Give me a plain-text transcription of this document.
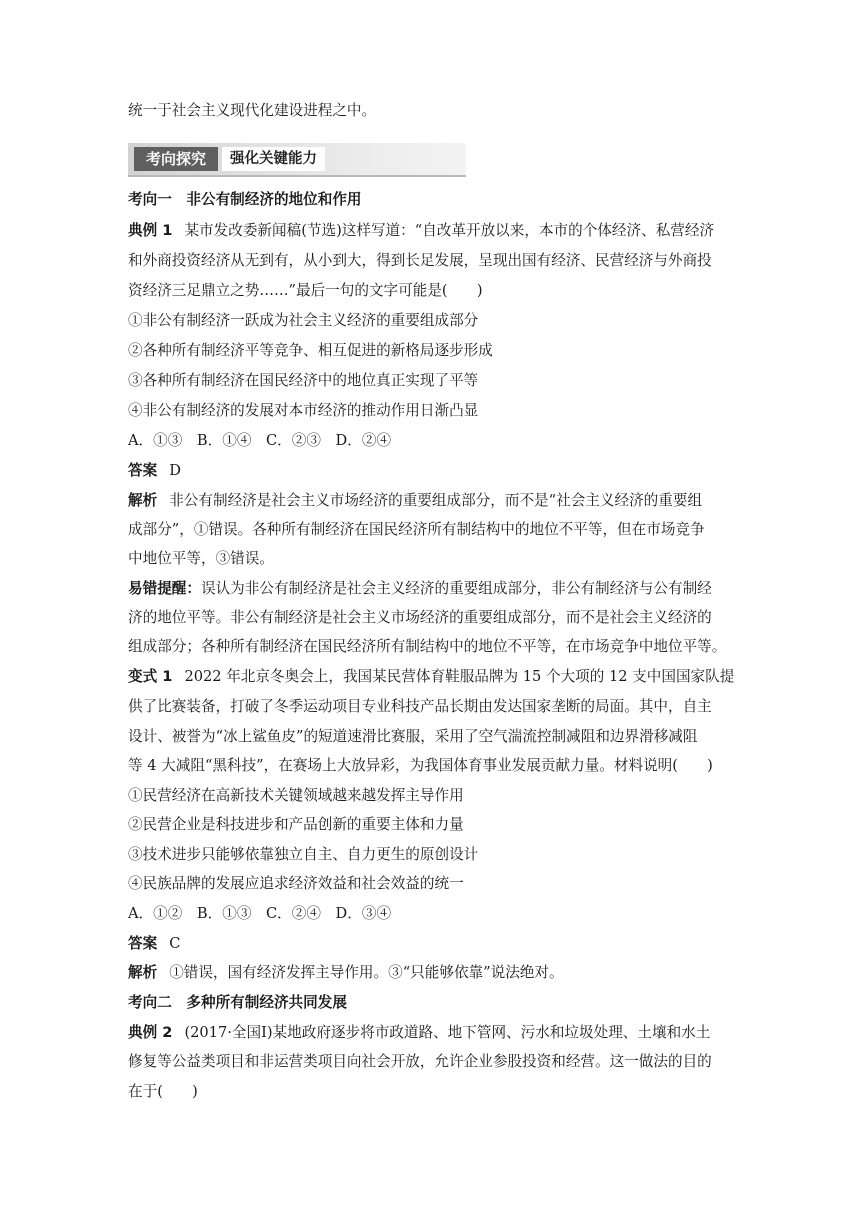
统一于社会主义现代化建设进程之中。
考向探究	强化关键能力
考向一　非公有制经济的地位和作用
典例 1 某市发改委新闻稿(节选)这样写道：“自改革开放以来，本市的个体经济、私营经济
和外商投资经济从无到有，从小到大，得到长足发展，呈现出国有经济、民营经济与外商投
资经济三足鼎立之势……”最后一句的文字可能是(　　)
①非公有制经济一跃成为社会主义经济的重要组成部分
②各种所有制经济平等竞争、相互促进的新格局逐步形成
③各种所有制经济在国民经济中的地位真正实现了平等
④非公有制经济的发展对本市经济的推动作用日渐凸显
A．①③　B．①④　C．②③　D．②④
答案 D
解析 非公有制经济是社会主义市场经济的重要组成部分，而不是“社会主义经济的重要组
成部分”，①错误。各种所有制经济在国民经济所有制结构中的地位不平等，但在市场竞争
中地位平等，③错误。
易错提醒：误认为非公有制经济是社会主义经济的重要组成部分，非公有制经济与公有制经
济的地位平等。非公有制经济是社会主义市场经济的重要组成部分，而不是社会主义经济的
组成部分；各种所有制经济在国民经济所有制结构中的地位不平等，在市场竞争中地位平等。
变式 1 2022 年北京冬奥会上，我国某民营体育鞋服品牌为 15 个大项的 12 支中国国家队提
供了比赛装备，打破了冬季运动项目专业科技产品长期由发达国家垄断的局面。其中，自主
设计、被誉为“冰上鲨鱼皮”的短道速滑比赛服，采用了空气湍流控制减阻和边界滑移减阻
等 4 大减阻“黑科技”，在赛场上大放异彩，为我国体育事业发展贡献力量。材料说明(　　)
①民营经济在高新技术关键领域越来越发挥主导作用
②民营企业是科技进步和产品创新的重要主体和力量
③技术进步只能够依靠独立自主、自力更生的原创设计
④民族品牌的发展应追求经济效益和社会效益的统一
A．①②　B．①③　C．②④　D．③④
答案 C
解析 ①错误，国有经济发挥主导作用。③“只能够依靠”说法绝对。
考向二　多种所有制经济共同发展
典例 2 (2017·全国Ⅰ)某地政府逐步将市政道路、地下管网、污水和垃圾处理、土壤和水土
修复等公益类项目和非运营类项目向社会开放，允许企业参股投资和经营。这一做法的目的
在于(　　)
